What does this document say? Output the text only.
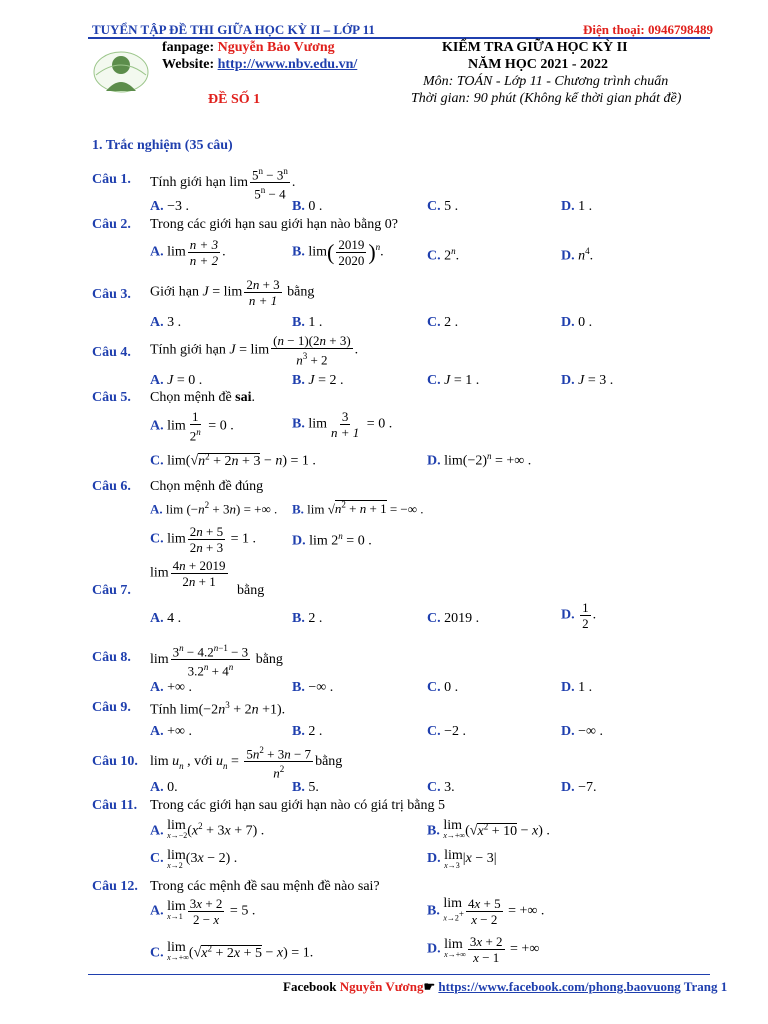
TUYỂN TẬP ĐỀ THI GIỮA HỌC KỲ II – LỚP 11	Điện thoại: 0946798489
fanpage: Nguyễn Bảo Vương
Website: http://www.nbv.edu.vn/
ĐỀ SỐ 1
KIỂM TRA GIỮA HỌC KỲ II
NĂM HỌC 2021 - 2022
Môn: TOÁN - Lớp 11 - Chương trình chuẩn
Thời gian: 90 phút (Không kể thời gian phát đề)
1. Trắc nghiệm (35 câu)
Câu 1. Tính giới hạn $\lim \frac{5^n - 3^n}{5^n - 4}$ .
A. −3 .	B. 0 .	C. 5 .	D. 1 .
Câu 2. Trong các giới hạn sau giới hạn nào bằng 0?
A. $\lim \frac{n + 3}{n + 2}$ .	B. $\lim( \frac{2019}{2020} )^n$.	C. 2$^n$.	D. $n^4$.
Câu 3. Giới hạn $J = \lim \frac{2n + 3}{n + 1}$ bằng
A. 3 .	B. 1 .	C. 2 .	D. 0 .
Câu 4. Tính giới hạn $J = \lim \frac{(n - 1)(2n + 3)}{n^3 + 2}$ .
A. J = 0 .	B. J = 2 .	C. J = 1 .	D. J = 3 .
Câu 5. Chọn mệnh đề sai.
A. $\lim \frac{1}{2^n} = 0$ .	B. $\lim \frac{3}{n + 1} = 0$ .
C. $\lim(√n^2 + 2n + 3 - n) = 1$ .	D. $\lim(-2)^n$ = +∞ .
Câu 6. Chọn mệnh đề đúng
A. $\lim (-n^2 + 3n)$ = +∞ . B. $\lim √n^2 + n + 1$ = −∞ .
C. $\lim \frac{2n + 5}{2n + 3} = 1$ .	D. $\lim 2^n = 0$ .
$\lim \frac{4n + 2019}{2n + 1}$
Câu 7.	bằng
A. 4 .	B. 2 .	C. 2019 .	D. $\frac{1}{2}$ .
Câu 8. $\lim \frac{3^n - 4.2^{n-1} - 3}{3.2^n + 4^n}$ bằng
A. +∞ .	B. −∞ .	C. 0 .	D. 1 .
Câu 9. Tính $\lim(-2n^3 + 2n +1)$.
A. +∞ .	B. 2 .	C. −2 .	D. −∞ .
Câu 10. $\lim u_n$ , với $u_n = \frac{5n^2 + 3n - 7}{n^2}$ bằng
A. 0.	B. 5.	C. 3.	D. −7.
Câu 11. Trong các giới hạn sau giới hạn nào có giá trị bằng 5
A. lim
x→−2 $(x^2 + 3x + 7)$ .	B. lim
x→+∞ $(√x^2 + 10 - x)$ .
C. lim
x→2 (3x − 2) .	D. lim
x→3 |x − 3|
Câu 12. Trong các mệnh đề sau mệnh đề nào sai?
A. lim
$x\to 1 \frac{3x + 2}{2 - x} = 5$ .	B. lim
$x\to 2^+ \frac{4x + 5}{x - 2}$ = +∞ .
C. lim
x→+∞ $(√x^2 + 2x + 5 - x) = 1$.	D. lim
$x\to+\infty \frac{3x + 2}{x - 1}$ = +∞
Facebook Nguyễn Vương☛ https://www.facebook.com/phong.baovuong Trang 1
